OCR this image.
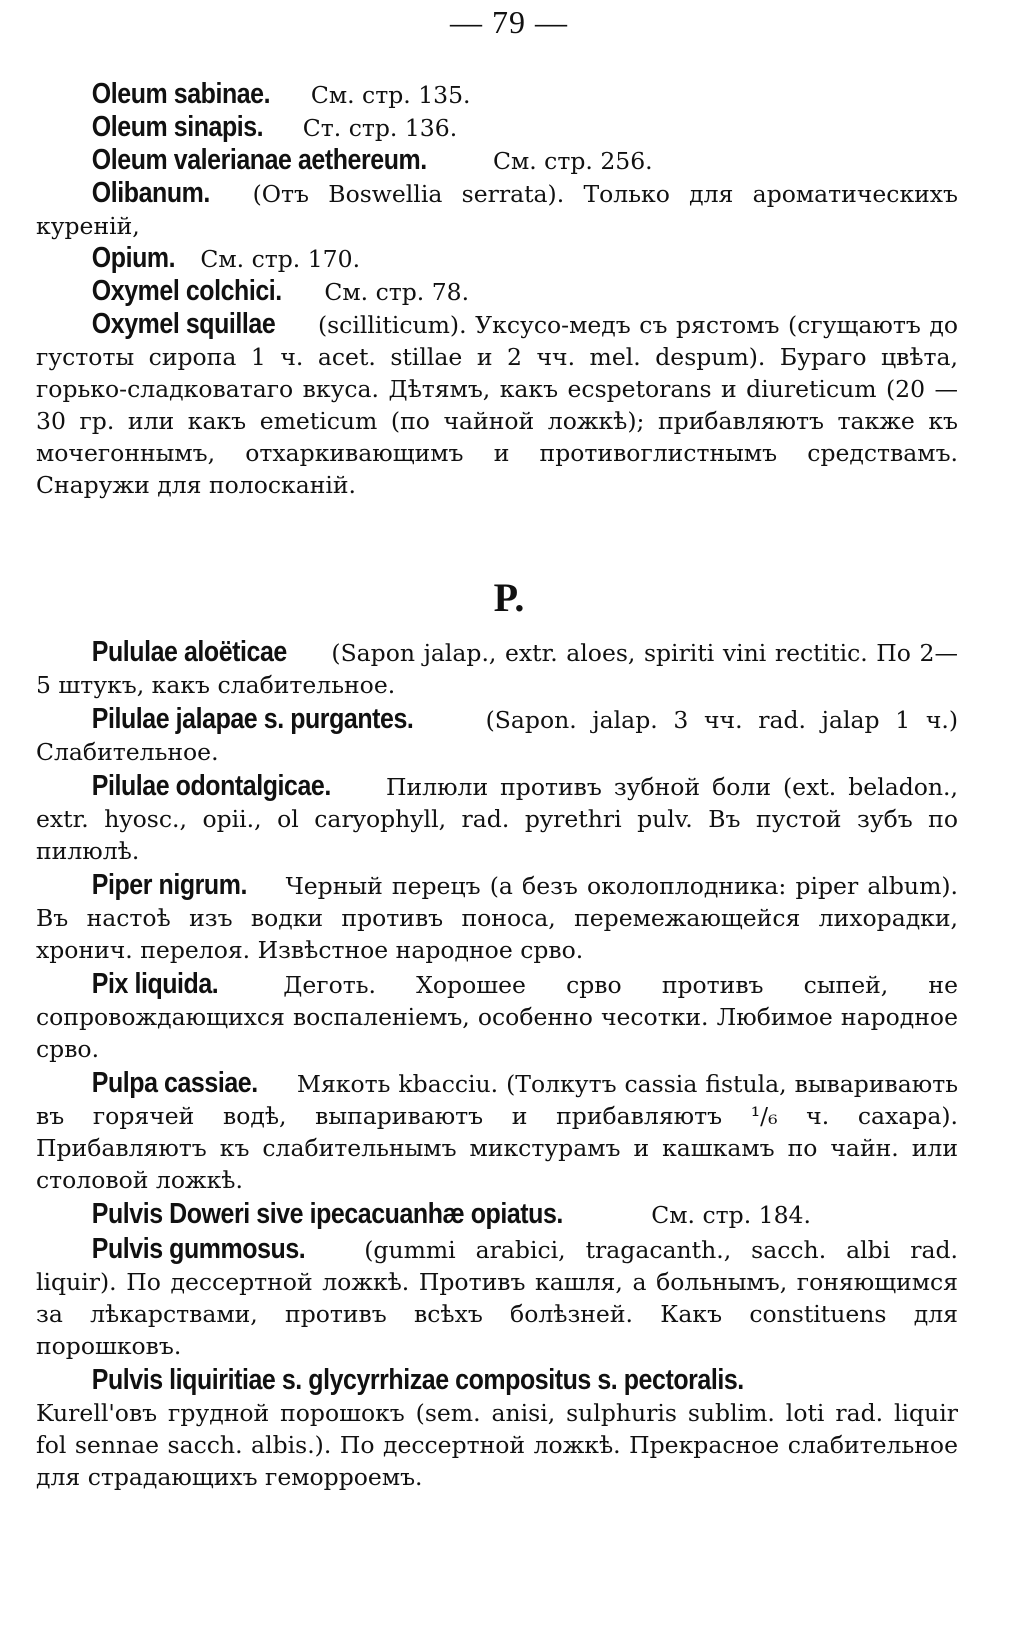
— 79 —

Oleum sabinae. См. стр. 135.

Oleum sinapis. Ст. стр. 136.

Oleum valerianae aethereum.	См. стр. 256.

Olibanum. (Отъ Boswellia serrata). Только для ароматическихъ куреній,

Opium. См. стр. 170.

Oxymel colchici. См. стр. 78.

Oxymel squillae (scilliticum). Уксусо-медъ съ рястомъ (сгущаютъ до густоты сиропа 1 ч. acet. stillae и 2 чч. mel. despum). Бураго цвѣта, горько-сладковатаго вкуса. Дѣтямъ, какъ ecspetorans и diureticum (20 — 30 гр. или какъ emeticum (по чайной ложкѣ); прибавляютъ также къ мочегоннымъ, отхаркивающимъ и противоглистнымъ средствамъ. Снаружи для полосканій.

P.

Pululae aloëticae (Sapon jalap., extr. aloes, spiriti vini rectitic. По 2—5 штукъ, какъ слабительное.

Pilulae jalapae s. purgantes.	(Sapon. jalap. 3 чч. rad. jalap 1 ч.) Слабительное.

Pilulae odontalgicae. Пилюли противъ зубной боли (ext. beladon., extr. hyosc., opii., ol caryophyll, rad. pyrethri pulv. Въ пустой зубъ по пилюлѣ.

Piper nigrum. Черный перецъ (а безъ околоплодника: piper album). Въ настоѣ изъ водки противъ поноса, перемежающейся лихорадки, хронич. перелоя. Извѣстное народное срво.

Pix liquida.	Деготь. Хорошее срво противъ сыпей, не сопровождающихся воспаленіемъ, особенно чесотки. Любимое народное срво.

Pulpa cassiae. Мякоть kbacciu. (Толкутъ cassia fistula, вываривають въ горячей водѣ, выпариваютъ и прибавляютъ ¹/₆ ч. сахара). Прибавляютъ къ слабительнымъ микстурамъ и кашкамъ по чайн. или столовой ложкѣ.

Pulvis Doweri sive ipecacuanhæ opiatus.	См. стр. 184.

Pulvis gummosus.	(gummi arabici, tragacanth., sacch. albi rad. liquir). По дессертной ложкѣ. Противъ кашля, а больнымъ, гоняющимся за лѣкарствами, противъ всѣхъ болѣзней. Какъ constituens для порошковъ.

Pulvis liquiritiae s. glycyrrhizae compositus s. pectoralis. Kurell'овъ грудной порошокъ (sem. anisi, sulphuris sublim. loti rad. liquir fol sennae sacch. albis.). По дессертной ложкѣ. Прекрасное слабительное для страдающихъ геморроемъ.
